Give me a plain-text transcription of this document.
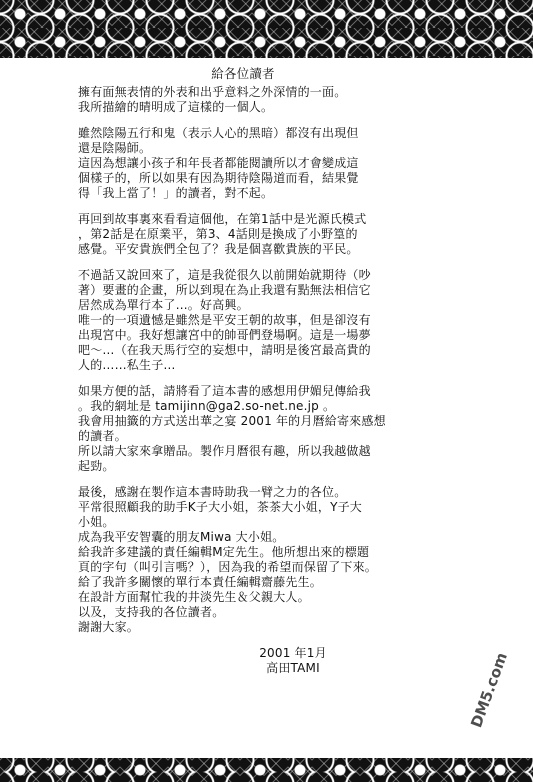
給各位讀者
擁有面無表情的外表和出乎意料之外深情的一面。
我所描繪的晴明成了這樣的一個人。
雖然陰陽五行和鬼（表示人心的黑暗）都沒有出現但
還是陰陽師。
這因為想讓小孩子和年長者都能閱讀所以才會變成這
個樣子的，所以如果有因為期待陰陽道而看，結果覺
得「我上當了！」的讀者，對不起。
再回到故事裏來看看這個他，在第1話中是光源氏模式
，第2話是在原業平，第3、4話則是換成了小野篁的
感覺。平安貴族們全包了？我是個喜歡貴族的平民。
不過話又說回來了，這是我從很久以前開始就期待（吵
著）要畫的企畫，所以到現在為止我還有點無法相信它
居然成為單行本了…。好高興。
唯一的一項遺憾是雖然是平安王朝的故事，但是卻沒有
出現宮中。我好想讓宮中的帥哥們登場啊。這是一場夢
吧～…（在我天馬行空的妄想中，請明是後宮最高貴的
人的……私生子…
如果方便的話，請將看了這本書的感想用伊媚兒傳給我
。我的網址是 tamijinn@ga2.so-net.ne.jp 。
我會用抽籤的方式送出華之宴 2001 年的月曆給寄來感想
的讀者。
所以請大家來拿贈品。製作月曆很有趣，所以我越做越
起勁。
最後，感謝在製作這本書時助我一臂之力的各位。
平常很照顧我的助手K子大小姐，茶茶大小姐，Y子大
小姐。
成為我平安智囊的朋友Miwa 大小姐。
給我許多建議的責任編輯M定先生。他所想出來的標題
頁的字句（叫引言嗎？），因為我的希望而保留了下來。
給了我許多關懷的單行本責任編輯齋藤先生。
在設計方面幫忙我的井淡先生＆父親大人。
以及，支持我的各位讀者。
謝謝大家。
2001 年1月
高田TAMI	DM5.com
